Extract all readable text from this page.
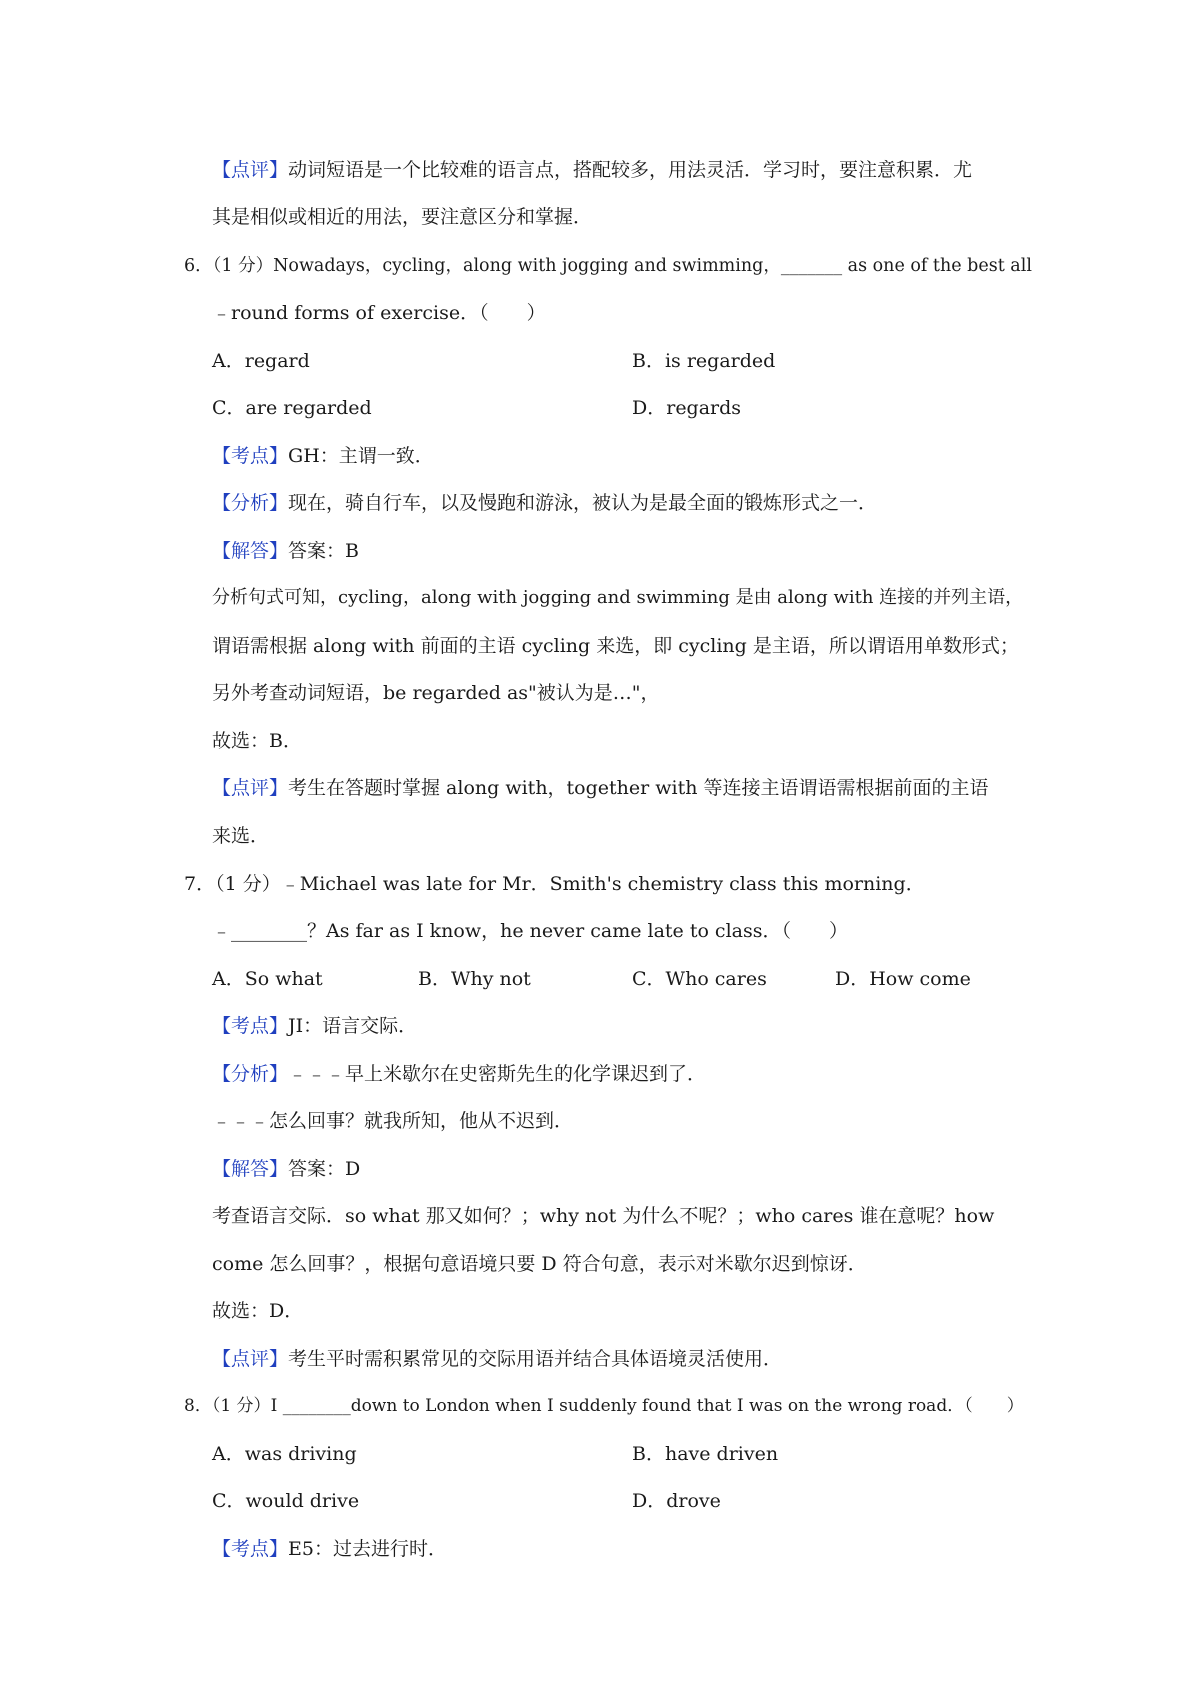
【点评】动词短语是一个比较难的语言点，搭配较多，用法灵活．学习时，要注意积累．尤
其是相似或相近的用法，要注意区分和掌握．
6．（1 分）Nowadays，cycling，along with jogging and swimming，_______ as one of the best all
﹣round forms of exercise．（　　）
A．regard	B．is regarded
C．are regarded	D．regards
【考点】GH：主谓一致．
【分析】现在，骑自行车，以及慢跑和游泳，被认为是最全面的锻炼形式之一．
【解答】答案：B
分析句式可知，cycling，along with jogging and swimming 是由 along with 连接的并列主语，
谓语需根据 along with 前面的主语 cycling 来选，即 cycling 是主语，所以谓语用单数形式；
另外考查动词短语，be regarded as"被认为是…"，
故选：B．
【点评】考生在答题时掌握 along with，together with 等连接主语谓语需根据前面的主语
来选．
7．（1 分）﹣Michael was late for Mr．Smith's chemistry class this morning．
﹣________？As far as I know，he never came late to class．（　　）
A．So what	B．Why not	C．Who cares	D．How come
【考点】JI：语言交际．
【分析】﹣﹣﹣早上米歇尔在史密斯先生的化学课迟到了．
﹣﹣﹣怎么回事？就我所知，他从不迟到．
【解答】答案：D
考查语言交际．so what 那又如何？；why not 为什么不呢？；who cares 谁在意呢？how
come 怎么回事？，根据句意语境只要 D 符合句意，表示对米歇尔迟到惊讶．
故选：D．
【点评】考生平时需积累常见的交际用语并结合具体语境灵活使用．
8．（1 分）I ________down to London when I suddenly found that I was on the wrong road．（　　）
A．was driving	B．have driven
C．would drive	D．drove
【考点】E5：过去进行时．
